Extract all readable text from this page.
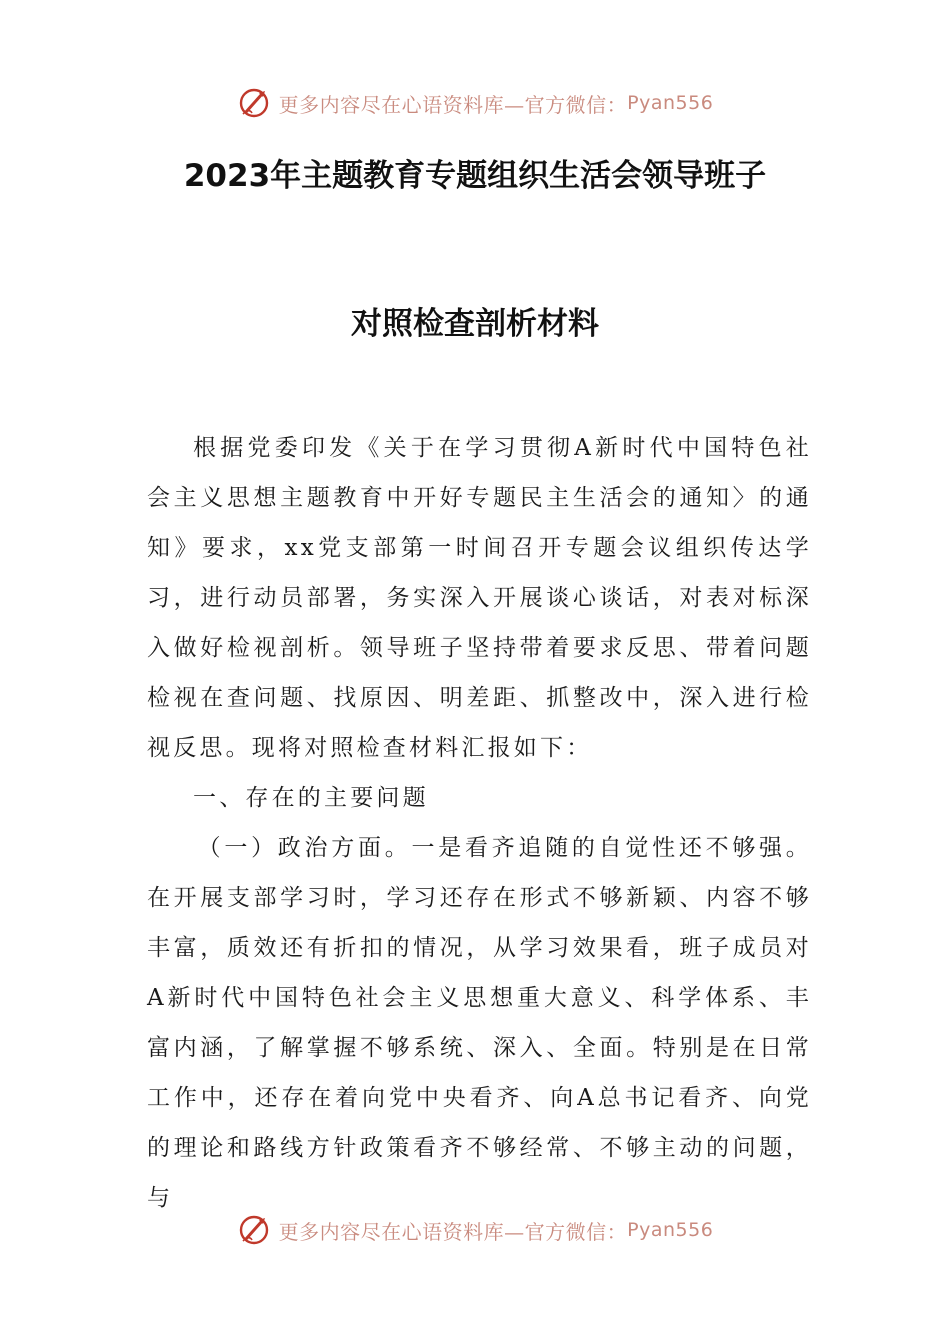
更多内容尽在心语资料库—官方微信： Pyan556
2023年主题教育专题组织生活会领导班子
对照检查剖析材料

根据党委印发《关于在学习贯彻A新时代中国特色社会主义思想主题教育中开好专题民主生活会的通知〉的通知》要求，xx党支部第一时间召开专题会议组织传达学习，进行动员部署，务实深入开展谈心谈话，对表对标深入做好检视剖析。领导班子坚持带着要求反思、带着问题检视在查问题、找原因、明差距、抓整改中，深入进行检视反思。现将对照检查材料汇报如下：

一、存在的主要问题

（一）政治方面。一是看齐追随的自觉性还不够强。在开展支部学习时，学习还存在形式不够新颖、内容不够丰富，质效还有折扣的情况，从学习效果看，班子成员对A新时代中国特色社会主义思想重大意义、科学体系、丰富内涵，了解掌握不够系统、深入、全面。特别是在日常工作中，还存在着向党中央看齐、向A总书记看齐、向党的理论和路线方针政策看齐不够经常、不够主动的问题，与

更多内容尽在心语资料库—官方微信： Pyan556
